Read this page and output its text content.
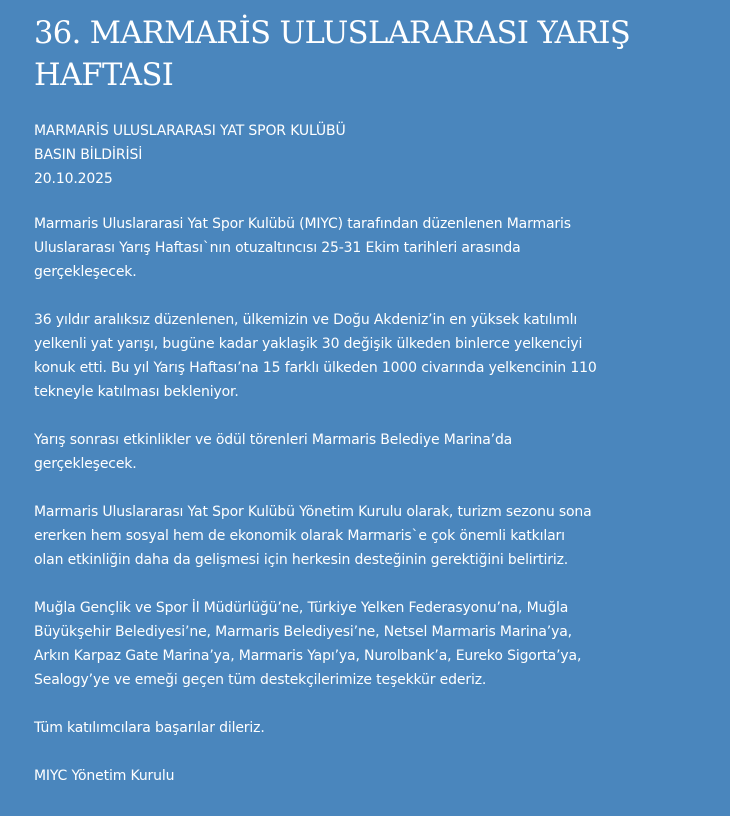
36. MARMARİS ULUSLARARASI YARIŞ
HAFTASI
MARMARİS ULUSLARARASI YAT SPOR KULÜBÜ
BASIN BİLDİRİSİ
20.10.2025

Marmaris Uluslararasi Yat Spor Kulübü (MIYC) tarafından düzenlenen Marmaris
Uluslararası Yarış Haftası`nın otuzaltıncısı 25-31 Ekim tarihleri arasında
gerçekleşecek.

36 yıldır aralıksız düzenlenen, ülkemizin ve Doğu Akdeniz’in en yüksek katılımlı
yelkenli yat yarışı, bugüne kadar yaklaşik 30 değişik ülkeden binlerce yelkenciyi
konuk etti. Bu yıl Yarış Haftası’na 15 farklı ülkeden 1000 civarında yelkencinin 110
tekneyle katılması bekleniyor.

Yarış sonrası etkinlikler ve ödül törenleri Marmaris Belediye Marina’da
gerçekleşecek.

Marmaris Uluslararası Yat Spor Kulübü Yönetim Kurulu olarak, turizm sezonu sona
ererken hem sosyal hem de ekonomik olarak Marmaris`e çok önemli katkıları
olan etkinliğin daha da gelişmesi için herkesin desteğinin gerektiğini belirtiriz.

Muğla Gençlik ve Spor İl Müdürlüğü’ne, Türkiye Yelken Federasyonu’na, Muğla
Büyükşehir Belediyesi’ne, Marmaris Belediyesi’ne, Netsel Marmaris Marina’ya,
Arkın Karpaz Gate Marina’ya, Marmaris Yapı’ya, Nurolbank’a, Eureko Sigorta’ya,
Sealogy’ye ve emeği geçen tüm destekçilerimize teşekkür ederiz.

Tüm katılımcılara başarılar dileriz.

MIYC Yönetim Kurulu
